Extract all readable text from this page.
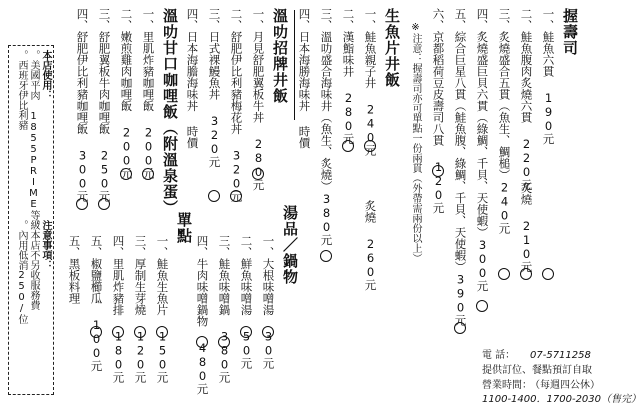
握壽司
一、鮭魚六貫 190元
二、鮭魚腹肉炙燒六貫 220元
三、炙燒盛合五貫（魚生、鯛槌）240元
四、炙燒盛巨貝六貫（綠鯛、千貝、天使蝦）300元
五、綜合巨星八貫（鮭魚腹、綠鯛、千貝、天使蝦）390元
六、京都稻荷豆皮壽司八貫 120元
炙燒 210元
※注意：握壽司亦可單點一份兩貫（外帶需兩份以上）
生魚片井飯
一、鮭魚親子井 240元
二、漢鮨味井 280元
三、溫叻盛合海味井（魚生、炙燒）380元
四、日本海勝海味丼 時價
炙燒 260元
溫叻招牌井飯
一、月見舒肥翼板牛丼 280元
二、舒肥伊比利豬梅花丼 320元
三、日式裸鰻魚丼 320元
四、日本海膽海味丼 時價
溫叻甘口咖哩飯（附溫泉蛋）
一、里肌炸豬咖哩飯 200元
二、嫩煎雞肉咖哩飯 200元
三、舒肥翼板牛肉咖哩飯 250元
四、舒肥伊比利豬咖哩飯 300元
湯品／鍋物
一、大根味噌湯 30元
二、鮮魚味噌湯 50元
三、鮭魚味噌鍋 380元
四、牛肉味噌鍋物 480元
單點
一、鮭魚生魚片 150元
三、厚制生芽燒 120元
四、里肌炸豬排 180元
五、椒鹽櫛瓜 100元
五、黑板料理
本店使用：
。美國平肉 1855PRIME等級
。西班牙伊比利豬
注意事項：
。本店不另收服務費
。內用低消250/位
電 話： 07-5711258
提供訂位、餐點預訂自取
營業時間：
（每週四公休）
1100-1400．1700-2030（售完）
